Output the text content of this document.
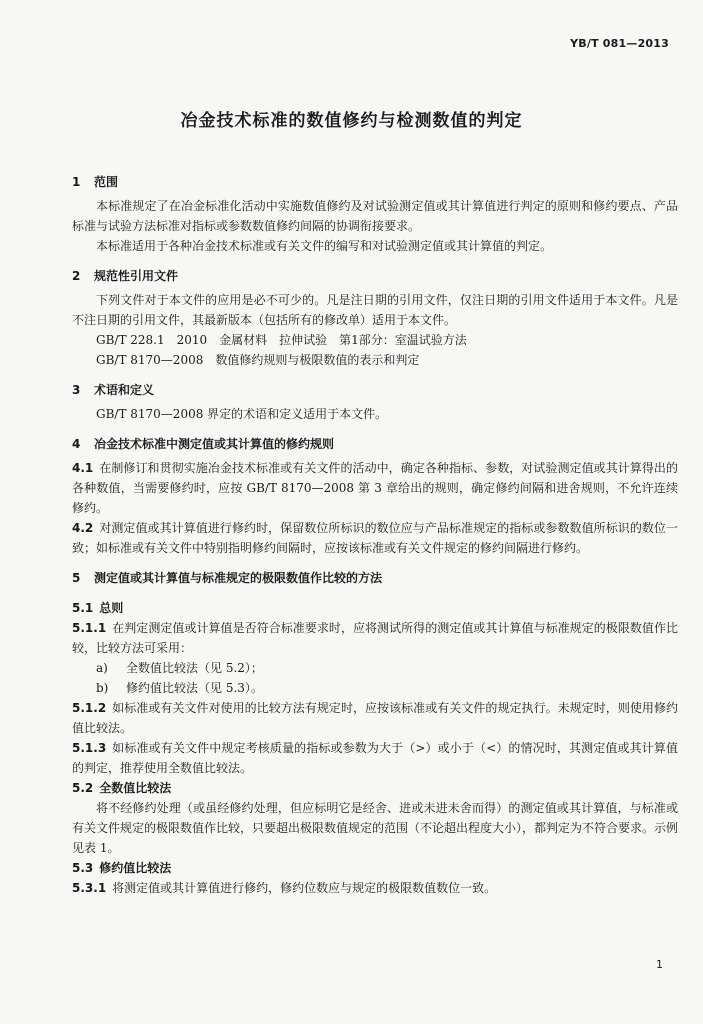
YB/T 081—2013
冶金技术标准的数值修约与检测数值的判定
1 范围

本标准规定了在冶金标准化活动中实施数值修约及对试验测定值或其计算值进行判定的原则和修约要点、产品标准与试验方法标准对指标或参数数值修约间隔的协调衔接要求。

本标准适用于各种冶金技术标准或有关文件的编写和对试验测定值或其计算值的判定。

2 规范性引用文件

下列文件对于本文件的应用是必不可少的。凡是注日期的引用文件，仅注日期的引用文件适用于本文件。凡是不注日期的引用文件，其最新版本（包括所有的修改单）适用于本文件。

GB/T 228.1　2010　金属材料　拉伸试验　第1部分：室温试验方法

GB/T 8170—2008　数值修约规则与极限数值的表示和判定

3 术语和定义

GB/T 8170—2008 界定的术语和定义适用于本文件。

4 冶金技术标准中测定值或其计算值的修约规则

4.1 在制修订和贯彻实施冶金技术标准或有关文件的活动中，确定各种指标、参数，对试验测定值或其计算得出的各种数值，当需要修约时，应按 GB/T 8170—2008 第 3 章给出的规则，确定修约间隔和进舍规则，不允许连续修约。

4.2 对测定值或其计算值进行修约时，保留数位所标识的数位应与产品标准规定的指标或参数数值所标识的数位一致；如标准或有关文件中特别指明修约间隔时，应按该标准或有关文件规定的修约间隔进行修约。

5 测定值或其计算值与标准规定的极限数值作比较的方法
5.1 总则

5.1.1 在判定测定值或计算值是否符合标准要求时，应将测试所得的测定值或其计算值与标准规定的极限数值作比较，比较方法可采用：

a) 全数值比较法（见 5.2）；

b) 修约值比较法（见 5.3）。

5.1.2 如标准或有关文件对使用的比较方法有规定时，应按该标准或有关文件的规定执行。未规定时，则使用修约值比较法。

5.1.3 如标准或有关文件中规定考核质量的指标或参数为大于（>）或小于（<）的情况时，其测定值或其计算值的判定，推荐使用全数值比较法。

5.2 全数值比较法

将不经修约处理（或虽经修约处理，但应标明它是经舍、进或未进未舍而得）的测定值或其计算值，与标准或有关文件规定的极限数值作比较，只要超出极限数值规定的范围（不论超出程度大小），都判定为不符合要求。示例见表 1。

5.3 修约值比较法

5.3.1 将测定值或其计算值进行修约，修约位数应与规定的极限数值数位一致。

1
